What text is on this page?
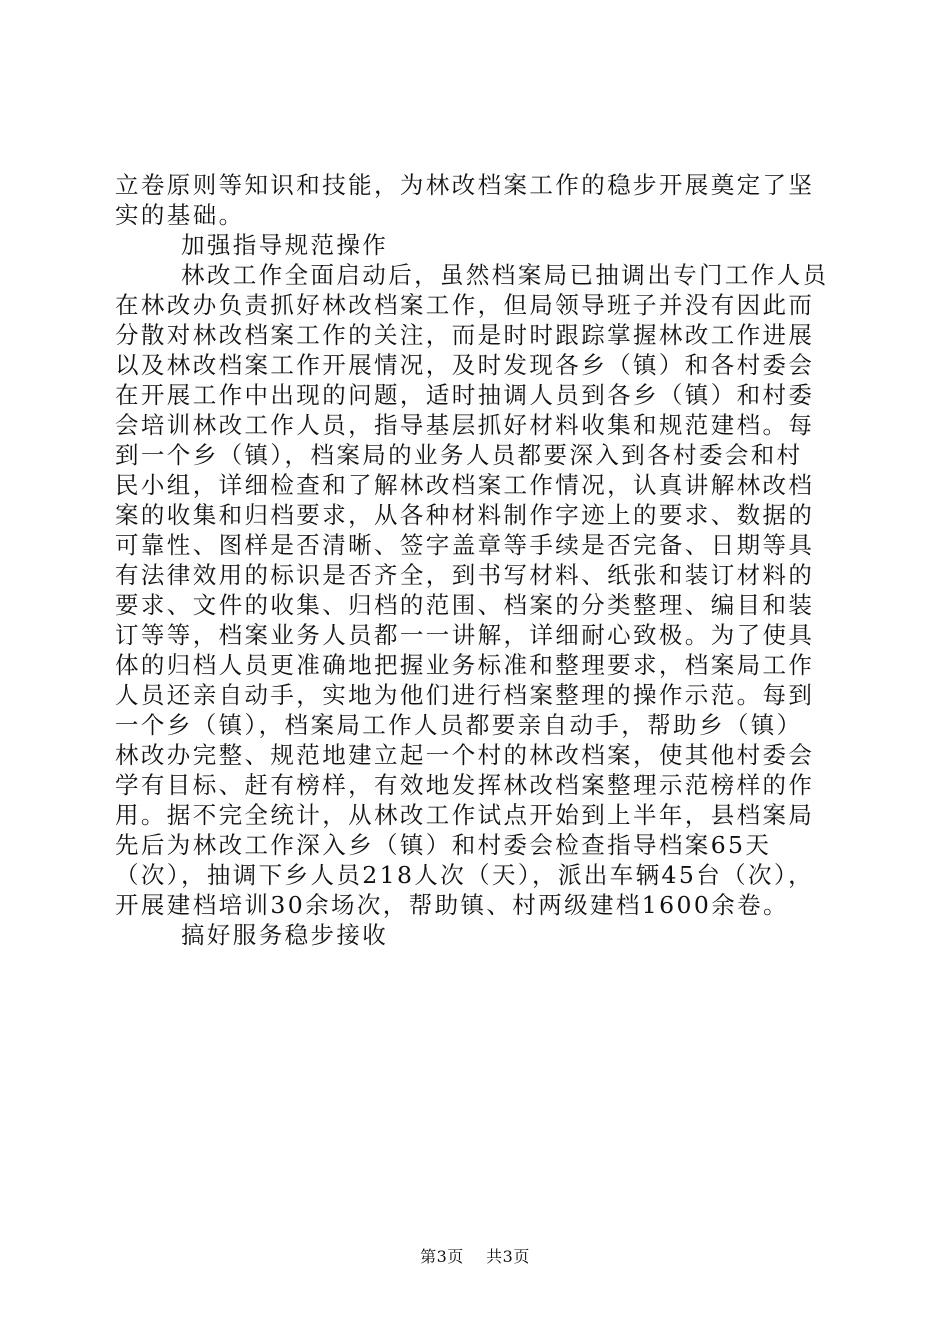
立卷原则等知识和技能，为林改档案工作的稳步开展奠定了坚
实的基础。
加强指导规范操作
林改工作全面启动后，虽然档案局已抽调出专门工作人员
在林改办负责抓好林改档案工作，但局领导班子并没有因此而
分散对林改档案工作的关注，而是时时跟踪掌握林改工作进展
以及林改档案工作开展情况，及时发现各乡（镇）和各村委会
在开展工作中出现的问题，适时抽调人员到各乡（镇）和村委
会培训林改工作人员，指导基层抓好材料收集和规范建档。每
到一个乡（镇），档案局的业务人员都要深入到各村委会和村
民小组，详细检查和了解林改档案工作情况，认真讲解林改档
案的收集和归档要求，从各种材料制作字迹上的要求、数据的
可靠性、图样是否清晰、签字盖章等手续是否完备、日期等具
有法律效用的标识是否齐全，到书写材料、纸张和装订材料的
要求、文件的收集、归档的范围、档案的分类整理、编目和装
订等等，档案业务人员都一一讲解，详细耐心致极。为了使具
体的归档人员更准确地把握业务标准和整理要求，档案局工作
人员还亲自动手，实地为他们进行档案整理的操作示范。每到
一个乡（镇），档案局工作人员都要亲自动手，帮助乡（镇）
林改办完整、规范地建立起一个村的林改档案，使其他村委会
学有目标、赶有榜样，有效地发挥林改档案整理示范榜样的作
用。据不完全统计，从林改工作试点开始到上半年，县档案局
先后为林改工作深入乡（镇）和村委会检查指导档案65天
（次），抽调下乡人员218人次（天），派出车辆45台（次），
开展建档培训30余场次，帮助镇、村两级建档1600余卷。
搞好服务稳步接收
第3页 共3页
